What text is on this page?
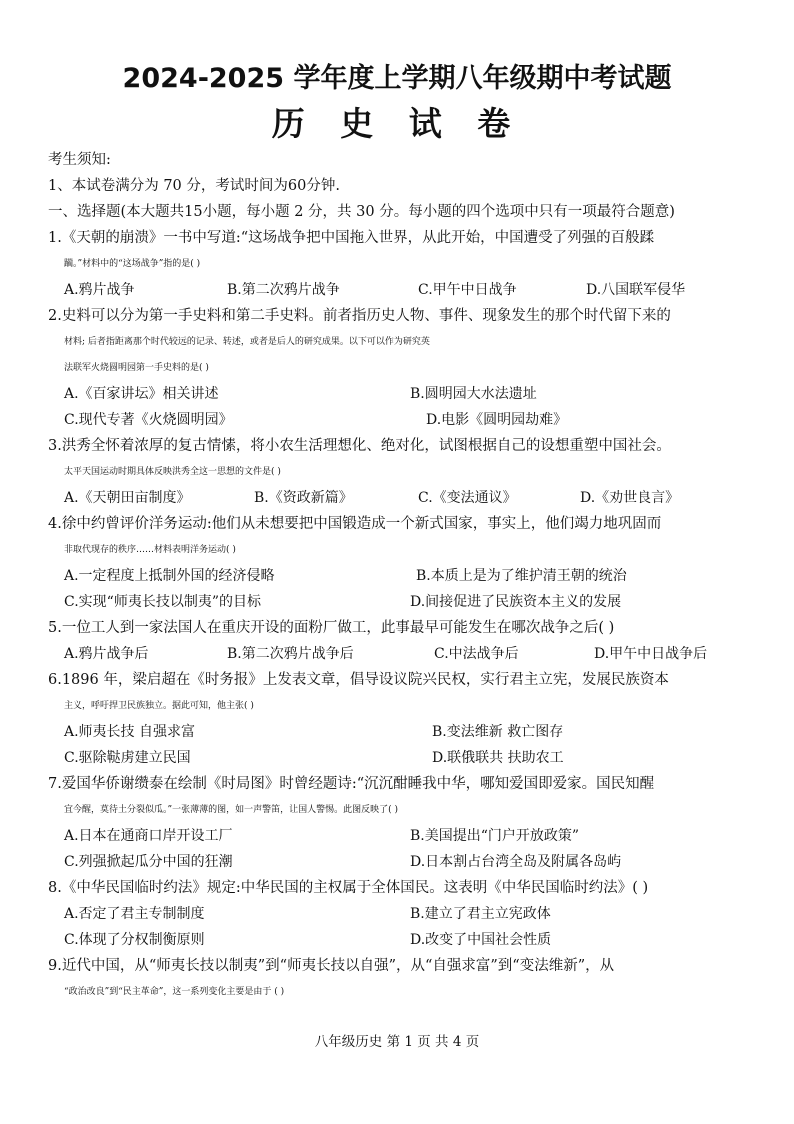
2024-2025 学年度上学期八年级期中考试题
历 史 试 卷
考生须知:
1、本试卷满分为 70 分，考试时间为60分钟.
一、选择题(本大题共15小题，每小题 2 分，共 30 分。每小题的四个选项中只有一项最符合题意)
1.《天朝的崩溃》一书中写道:“这场战争把中国拖入世界，从此开始，中国遭受了列强的百般蹂
躏。”材料中的“这场战争”指的是( )
A.鸦片战争	B.第二次鸦片战争	C.甲午中日战争	D.八国联军侵华
2.史料可以分为第一手史料和第二手史料。前者指历史人物、事件、现象发生的那个时代留下来的
材料; 后者指距离那个时代较远的记录、转述，或者是后人的研究成果。以下可以作为研究英
法联军火烧圆明园第一手史料的是( )
A.《百家讲坛》相关讲述	B.圆明园大水法遗址
C.现代专著《火烧圆明园》	D.电影《圆明园劫难》
3.洪秀全怀着浓厚的复古情愫，将小农生活理想化、绝对化，试图根据自己的设想重塑中国社会。
太平天国运动时期具体反映洪秀全这一思想的文件是( )
A.《天朝田亩制度》	B.《资政新篇》	C.《变法通议》	D.《劝世良言》
4.徐中约曾评价洋务运动:他们从未想要把中国锻造成一个新式国家，事实上，他们竭力地巩固而
非取代现存的秩序……材料表明洋务运动( )
A.一定程度上抵制外国的经济侵略	B.本质上是为了维护清王朝的统治
C.实现“师夷长技以制夷”的目标	D.间接促进了民族资本主义的发展
5.一位工人到一家法国人在重庆开设的面粉厂做工，此事最早可能发生在哪次战争之后( )
A.鸦片战争后	B.第二次鸦片战争后	C.中法战争后	D.甲午中日战争后
6.1896 年，梁启超在《时务报》上发表文章，倡导设议院兴民权，实行君主立宪，发展民族资本
主义，呼吁捍卫民族独立。据此可知，他主张( )
A.师夷长技 自强求富	B.变法维新 救亡图存
C.驱除鞑虏建立民国	D.联俄联共 扶助农工
7.爱国华侨谢缵泰在绘制《时局图》时曾经题诗:“沉沉酣睡我中华，哪知爱国即爱家。国民知醒
宜今醒，莫待土分裂似瓜。”一张薄薄的图，如一声警笛，让国人警惕。此图反映了( )
A.日本在通商口岸开设工厂	B.美国提出“门户开放政策”
C.列强掀起瓜分中国的狂潮	D.日本割占台湾全岛及附属各岛屿
8.《中华民国临时约法》规定:中华民国的主权属于全体国民。这表明《中华民国临时约法》( )
A.否定了君主专制制度	B.建立了君主立宪政体
C.体现了分权制衡原则	D.改变了中国社会性质
9.近代中国，从“师夷长技以制夷”到“师夷长技以自强”，从“自强求富”到“变法维新”，从
“政治改良”到“民主革命”，这一系列变化主要是由于 ( )
八年级历史 第 1 页 共 4 页
